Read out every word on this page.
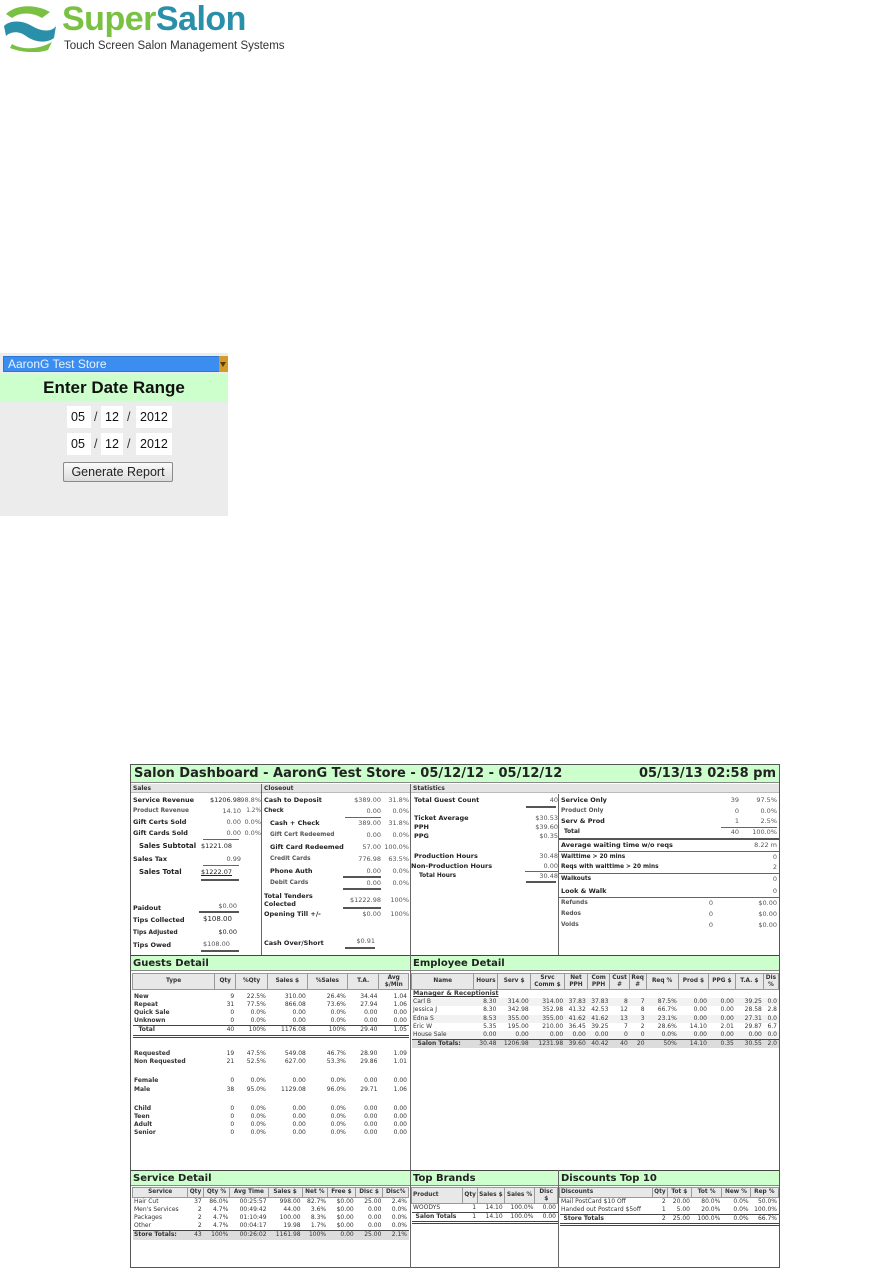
SuperSalon
Touch Screen Salon Management Systems
AaronG Test Store
Enter Date Range
05
/
12 /
2012
05
/
12 /
2012
Generate Report
Salon Dashboard - AaronG Test Store - 05/12/12 - 05/12/12	05/13/13 02:58 pm
Sales	Closeout	Statistics
Service Revenue	$1206.98 98.8%
Product Revenue	14.10 1.2%
Gift Certs Sold	0.00 0.0%
Gift Cards Sold	0.00 0.0%
Sales Subtotal $1221.08
Sales Tax	0.99
Sales Total	$1222.07
Paidout	$0.00
Tips Collected	$108.00
Tips Adjusted	$0.00
Tips Owed	$108.00
Cash to Deposit	$389.00	31.8%
Check	0.00	0.0%
Cash + Check	389.00	31.8%
Gift Cert Redeemed	0.00	0.0%
Gift Card Redeemed	57.00 100.0%
Credit Cards	776.98	63.5%
Phone Auth	0.00	0.0%
Debit Cards	0.00	0.0%
Total Tenders Colected	$1222.98	100%
Opening Till +/-	$0.00	100%
Cash Over/Short	$0.91
Total Guest Count	40
Ticket Average	$30.53
PPH	$39.60
PPG	$0.35
Production Hours	30.48
Non-Production Hours	0.00
Total Hours	30.48
Service Only	39	97.5%
Product Only	0	0.0%
Serv & Prod	1	2.5%
Total	40	100.0%
Average waiting time w/o reqs	8.22 m
Waittime > 20 mins	0
Reqs with waittime > 20 mins	2
Walkouts	0
Look & Walk	0
Refunds	0	$0.00
Redos	0	$0.00
Voids	0	$0.00
Guests Detail
Type	Qty	%Qty	Sales $	%Sales	T.A.	Avg $/Min

New	9	22.5%	310.00	26.4%	34.44	1.04
Repeat	31	77.5%	866.08	73.6%	27.94	1.06
Quick Sale	0	0.0%	0.00	0.0%	0.00	0.00
Unknown	0	0.0%	0.00	0.0%	0.00	0.00
Total	40	100%	1176.08	100%	29.40	1.05

Requested	19	47.5%	549.08	46.7%	28.90	1.09
Non Requested	21	52.5%	627.00	53.3%	29.86	1.01

Female	0	0.0%	0.00	0.0%	0.00	0.00
Male	38	95.0%	1129.08	96.0%	29.71	1.06

Child	0	0.0%	0.00	0.0%	0.00	0.00
Teen	0	0.0%	0.00	0.0%	0.00	0.00
Adult	0	0.0%	0.00	0.0%	0.00	0.00
Senior	0	0.0%	0.00	0.0%	0.00	0.00
Employee Detail
Name	Hours	Serv $	Srvc Comm $	Net PPH	Com PPH	Cust #	Req #	Req %	Prod $	PPG $	T.A. $	Dis %
Manager & Receptionist												
Carl B	8.30	314.00	314.00	37.83	37.83	8	7	87.5%	0.00	0.00	39.25	0.0
Jessica J	8.30	342.98	352.98	41.32	42.53	12	8	66.7%	0.00	0.00	28.58	2.8
Edna S	8.53	355.00	355.00	41.62	41.62	13	3	23.1%	0.00	0.00	27.31	0.0
Eric W	5.35	195.00	210.00	36.45	39.25	7	2	28.6%	14.10	2.01	29.87	6.7
House Sale	0.00	0.00	0.00	0.00	0.00	0	0	0.0%	0.00	0.00	0.00	0.0
Salon Totals:	30.48	1206.98	1231.98	39.60	40.42	40	20	50%	14.10	0.35	30.55	2.0
Service Detail
Service	Qty	Qty %	Avg Time	Sales $	Net %	Free $	Disc $	Disc%
Hair Cut	37	86.0%	00:25:57	998.00	82.7%	$0.00	25.00	2.4%
Men's Services	2	4.7%	00:49:42	44.00	3.6%	$0.00	0.00	0.0%
Packages	2	4.7%	01:10:49	100.00	8.3%	$0.00	0.00	0.0%
Other	2	4.7%	00:04:17	19.98	1.7%	$0.00	0.00	0.0%
Store Totals:	43	100%	00:26:02	1161.98	100%	0.00	25.00	2.1%
Top Brands
Product	Qty	Sales $	Sales %	Disc $
WOODYS	1	14.10	100.0%	0.00
Salon Totals	1	14.10	100.0%	0.00
Discounts Top 10
Discounts	Qty	Tot $	Tot %	New %	Rep %
Mail PostCard $10 Off	2	20.00	80.0%	0.0%	50.0%
Handed out Postcard $5off	1	5.00	20.0%	0.0%	100.0%
Store Totals	2	25.00	100.0%	0.0%	66.7%
